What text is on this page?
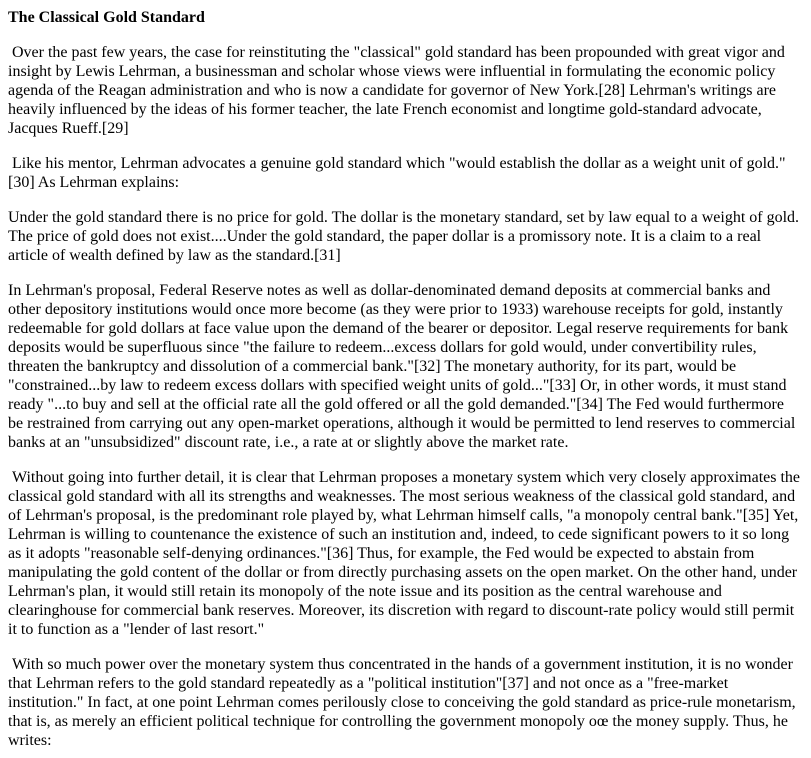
The Classical Gold Standard

Over the past few years, the case for reinstituting the "classical" gold standard has been propounded with great vigor and insight by Lewis Lehrman, a businessman and scholar whose views were influential in formulating the economic policy agenda of the Reagan administration and who is now a candidate for governor of New York.[28] Lehrman's writings are heavily influenced by the ideas of his former teacher, the late French economist and longtime gold-standard advocate, Jacques Rueff.[29]

Like his mentor, Lehrman advocates a genuine gold standard which "would establish the dollar as a weight unit of gold."[30] As Lehrman explains:

Under the gold standard there is no price for gold. The dollar is the monetary standard, set by law equal to a weight of gold. The price of gold does not exist....Under the gold standard, the paper dollar is a promissory note. It is a claim to a real article of wealth defined by law as the standard.[31]

In Lehrman's proposal, Federal Reserve notes as well as dollar-denominated demand deposits at commercial banks and other depository institutions would once more become (as they were prior to 1933) warehouse receipts for gold, instantly redeemable for gold dollars at face value upon the demand of the bearer or depositor. Legal reserve requirements for bank deposits would be superfluous since "the failure to redeem...excess dollars for gold would, under convertibility rules, threaten the bankruptcy and dissolution of a commercial bank."[32] The monetary authority, for its part, would be "constrained...by law to redeem excess dollars with specified weight units of gold..."[33] Or, in other words, it must stand ready "...to buy and sell at the official rate all the gold offered or all the gold demanded."[34] The Fed would furthermore be restrained from carrying out any open-market operations, although it would be permitted to lend reserves to commercial banks at an "unsubsidized" discount rate, i.e., a rate at or slightly above the market rate.

Without going into further detail, it is clear that Lehrman proposes a monetary system which very closely approximates the classical gold standard with all its strengths and weaknesses. The most serious weakness of the classical gold standard, and of Lehrman's proposal, is the predominant role played by, what Lehrman himself calls, "a monopoly central bank."[35] Yet, Lehrman is willing to countenance the existence of such an institution and, indeed, to cede significant powers to it so long as it adopts "reasonable self-denying ordinances."[36] Thus, for example, the Fed would be expected to abstain from manipulating the gold content of the dollar or from directly purchasing assets on the open market. On the other hand, under Lehrman's plan, it would still retain its monopoly of the note issue and its position as the central warehouse and clearinghouse for commercial bank reserves. Moreover, its discretion with regard to discount-rate policy would still permit it to function as a "lender of last resort."

With so much power over the monetary system thus concentrated in the hands of a government institution, it is no wonder that Lehrman refers to the gold standard repeatedly as a "political institution"[37] and not once as a "free-market institution." In fact, at one point Lehrman comes perilously close to conceiving the gold standard as price-rule monetarism, that is, as merely an efficient political technique for controlling the government monopoly oœ the money supply. Thus, he writes:
